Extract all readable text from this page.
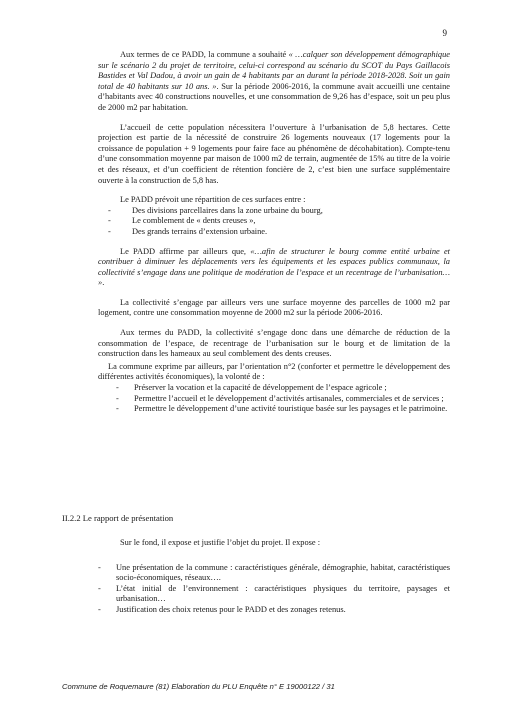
9

Aux termes de ce PADD, la commune a souhaité « …calquer son développement démographique sur le scénario 2 du projet de territoire, celui-ci correspond au scénario du SCOT du Pays Gaillacois Bastides et Val Dadou, à avoir un gain de 4 habitants par an durant la période 2018-2028. Soit un gain total de 40 habitants sur 10 ans. ». Sur la période 2006-2016, la commune avait accueilli une centaine d’habitants avec 40 constructions nouvelles, et une consommation de 9,26 has d’espace, soit un peu plus de 2000 m2 par habitation.

L’accueil de cette population nécessitera l’ouverture à l’urbanisation de 5,8 hectares. Cette projection est partie de la nécessité de construire 26 logements nouveaux (17 logements pour la croissance de population + 9 logements pour faire face au phénomène de décohabitation). Compte-tenu d’une consommation moyenne par maison de 1000 m2 de terrain, augmentée de 15% au titre de la voirie et des réseaux, et d’un coefficient de rétention foncière de 2, c’est bien une surface supplémentaire ouverte à la construction de 5,8 has.

Le PADD prévoit une répartition de ces surfaces entre :

- Des divisions parcellaires dans la zone urbaine du bourg,
- Le comblement de « dents creuses »,
- Des grands terrains d’extension urbaine.

Le PADD affirme par ailleurs que, «…afin de structurer le bourg comme entité urbaine et contribuer à diminuer les déplacements vers les équipements et les espaces publics communaux, la collectivité s’engage dans une politique de modération de l’espace et un recentrage de l’urbanisation… ».

La collectivité s’engage par ailleurs vers une surface moyenne des parcelles de 1000 m2 par logement, contre une consommation moyenne de 2000 m2 sur la période 2006-2016.

Aux termes du PADD, la collectivité s’engage donc dans une démarche de réduction de la consommation de l’espace, de recentrage de l’urbanisation sur le bourg et de limitation de la construction dans les hameaux au seul comblement des dents creuses.

La commune exprime par ailleurs, par l’orientation n°2 (conforter et permettre le développement des différentes activités économiques), la volonté de :

- Préserver la vocation et la capacité de développement de l’espace agricole ;
- Permettre l’accueil et le développement d’activités artisanales, commerciales et de services ;
- Permettre le développement d’une activité touristique basée sur les paysages et le patrimoine.
II.2.2 Le rapport de présentation

Sur le fond, il expose et justifie l’objet du projet. Il expose :

- Une présentation de la commune : caractéristiques générale, démographie, habitat, caractéristiques socio-économiques, réseaux….
- L’état initial de l’environnement : caractéristiques physiques du territoire, paysages et urbanisation…
- Justification des choix retenus pour le PADD et des zonages retenus.
Commune de Roquemaure (81) Elaboration du PLU Enquête n° E 19000122 / 31
